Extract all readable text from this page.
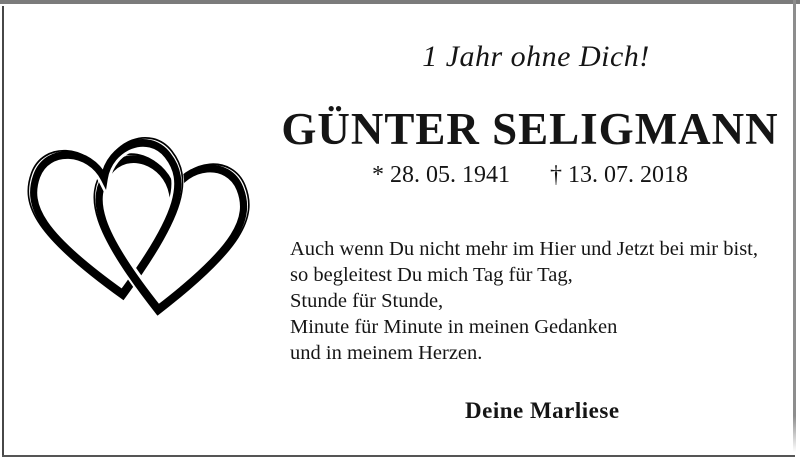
1 Jahr ohne Dich!
GÜNTER SELIGMANN
* 28. 05. 1941 † 13. 07. 2018
Auch wenn Du nicht mehr im Hier und Jetzt bei mir bist,
so begleitest Du mich Tag für Tag,
Stunde für Stunde,
Minute für Minute in meinen Gedanken
und in meinem Herzen.
Deine Marliese
